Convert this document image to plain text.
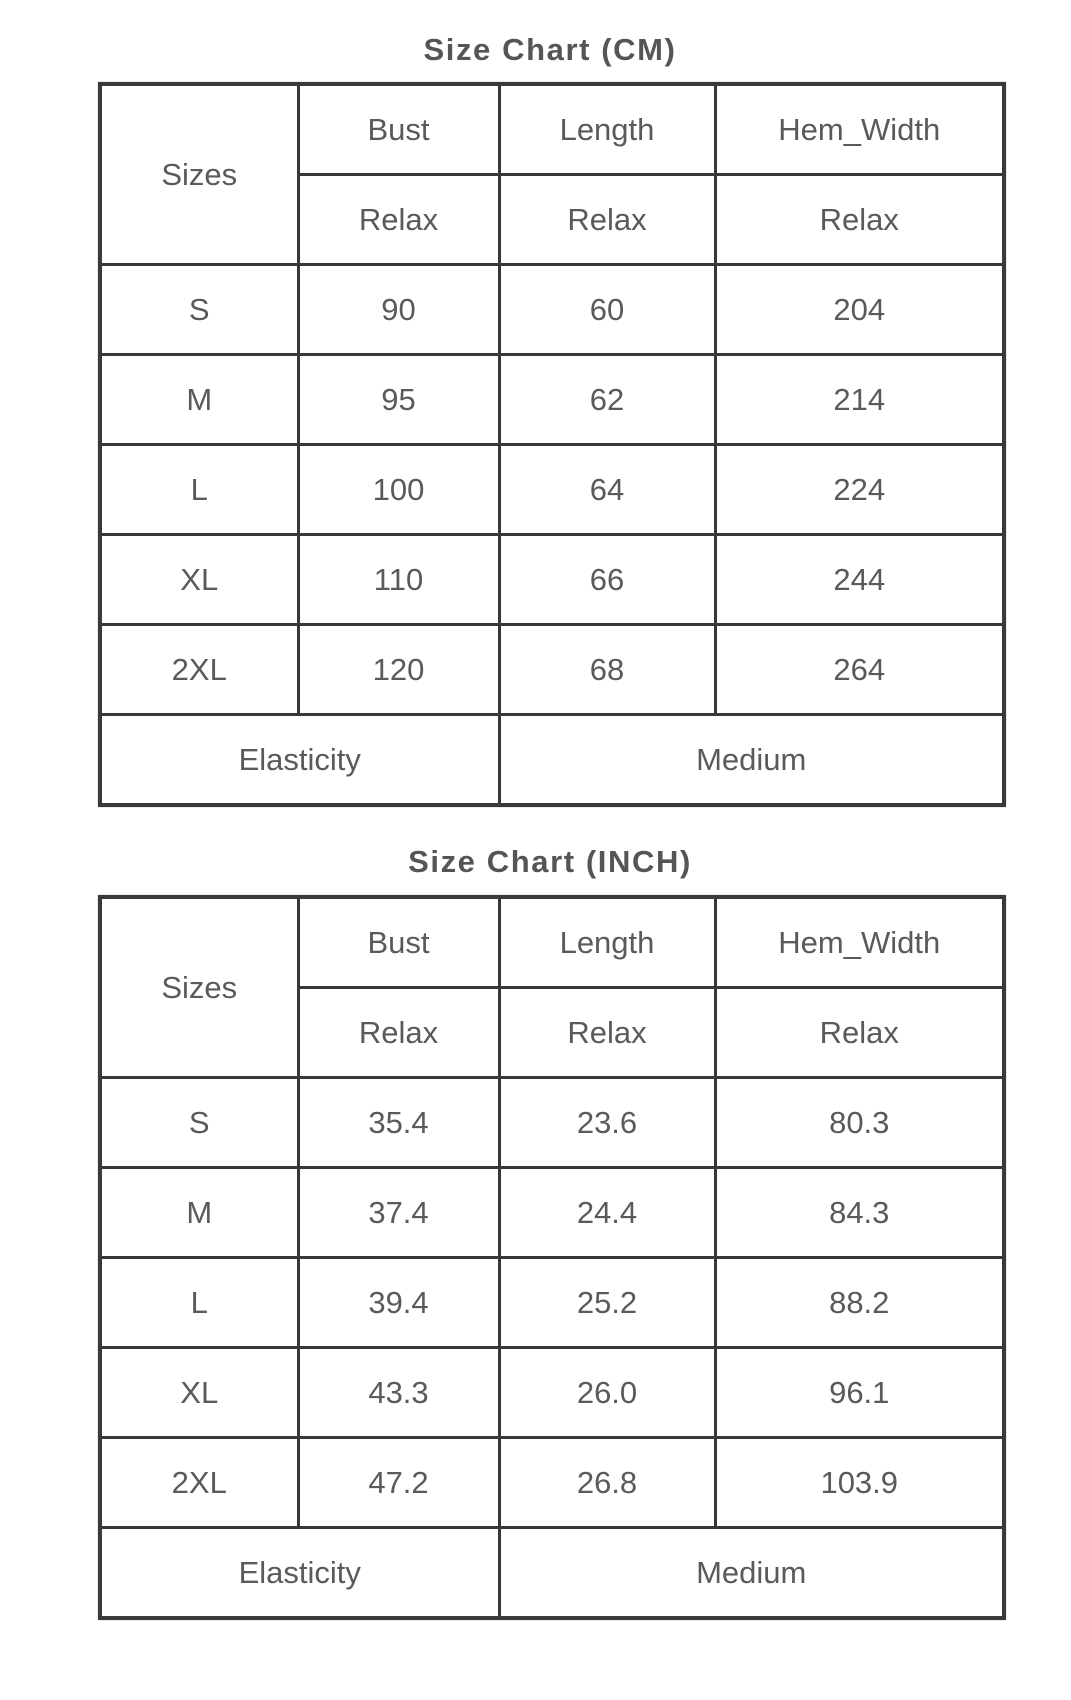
Size Chart (CM)
Sizes	Bust	Length	Hem_Width
	Relax	Relax	Relax
S	90	60	204
M	95	62	214
L	100	64	224
XL	110	66	244
2XL	120	68	264
Elasticity		Medium	
Size Chart (INCH)
Sizes	Bust	Length	Hem_Width
	Relax	Relax	Relax
S	35.4	23.6	80.3
M	37.4	24.4	84.3
L	39.4	25.2	88.2
XL	43.3	26.0	96.1
2XL	47.2	26.8	103.9
Elasticity		Medium	
